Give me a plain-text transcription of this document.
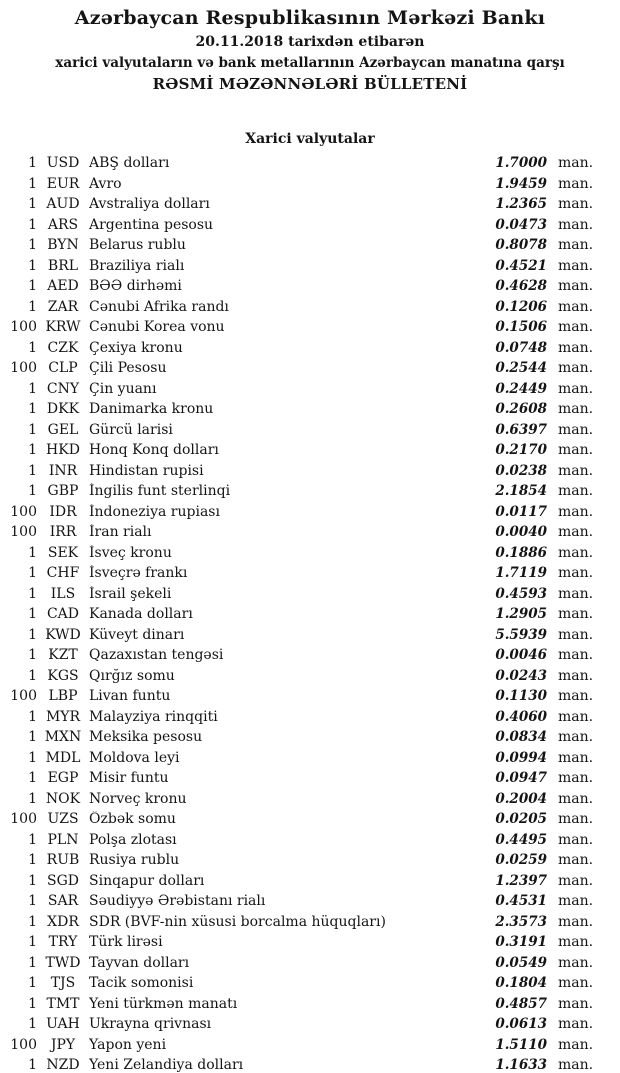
Azərbaycan Respublikasının Mərkəzi Bankı
20.11.2018 tarixdən etibarən
xarici valyutaların və bank metallarının Azərbaycan manatına qarşı
RƏSMİ MƏZƏNNƏLƏRİ BÜLLETENİ
Xarici valyutalar
1 USD ABŞ dolları	1.7000 man.
1 EUR Avro	1.9459 man.
1 AUD Avstraliya dolları	1.2365 man.
1 ARS Argentina pesosu	0.0473 man.
1 BYN Belarus rublu	0.8078 man.
1 BRL Braziliya rialı	0.4521 man.
1 AED BƏƏ dirhəmi	0.4628 man.
1 ZAR Cənubi Afrika randı	0.1206 man.
100 KRW Cənubi Korea vonu	0.1506 man.
1 CZK Çexiya kronu	0.0748 man.
100 CLP Çili Pesosu	0.2544 man.
1 CNY Çin yuanı	0.2449 man.
1 DKK Danimarka kronu	0.2608 man.
1 GEL Gürcü larisi	0.6397 man.
1 HKD Honq Konq dolları	0.2170 man.
1 INR Hindistan rupisi	0.0238 man.
1 GBP İngilis funt sterlinqi	2.1854 man.
100 IDR İndoneziya rupiası	0.0117 man.
100 IRR İran rialı	0.0040 man.
1 SEK İsveç kronu	0.1886 man.
1 CHF İsveçrə frankı	1.7119 man.
1 ILS İsrail şekeli	0.4593 man.
1 CAD Kanada dolları	1.2905 man.
1 KWD Küveyt dinarı	5.5939 man.
1 KZT Qazaxıstan tengəsi	0.0046 man.
1 KGS Qırğız somu	0.0243 man.
100 LBP Livan funtu	0.1130 man.
1 MYR Malayziya rinqqiti	0.4060 man.
1 MXN Meksika pesosu	0.0834 man.
1 MDL Moldova leyi	0.0994 man.
1 EGP Misir funtu	0.0947 man.
1 NOK Norveç kronu	0.2004 man.
100 UZS Özbək somu	0.0205 man.
1 PLN Polşa zlotası	0.4495 man.
1 RUB Rusiya rublu	0.0259 man.
1 SGD Sinqapur dolları	1.2397 man.
1 SAR Səudiyyə Ərəbistanı rialı	0.4531 man.
1 XDR SDR (BVF-nin xüsusi borcalma hüquqları)	2.3573 man.
1 TRY Türk lirəsi	0.3191 man.
1 TWD Tayvan dolları	0.0549 man.
1 TJS Tacik somonisi	0.1804 man.
1 TMT Yeni türkmən manatı	0.4857 man.
1 UAH Ukrayna qrivnası	0.0613 man.
100 JPY Yapon yeni	1.5110 man.
1 NZD Yeni Zelandiya dolları	1.1633 man.
